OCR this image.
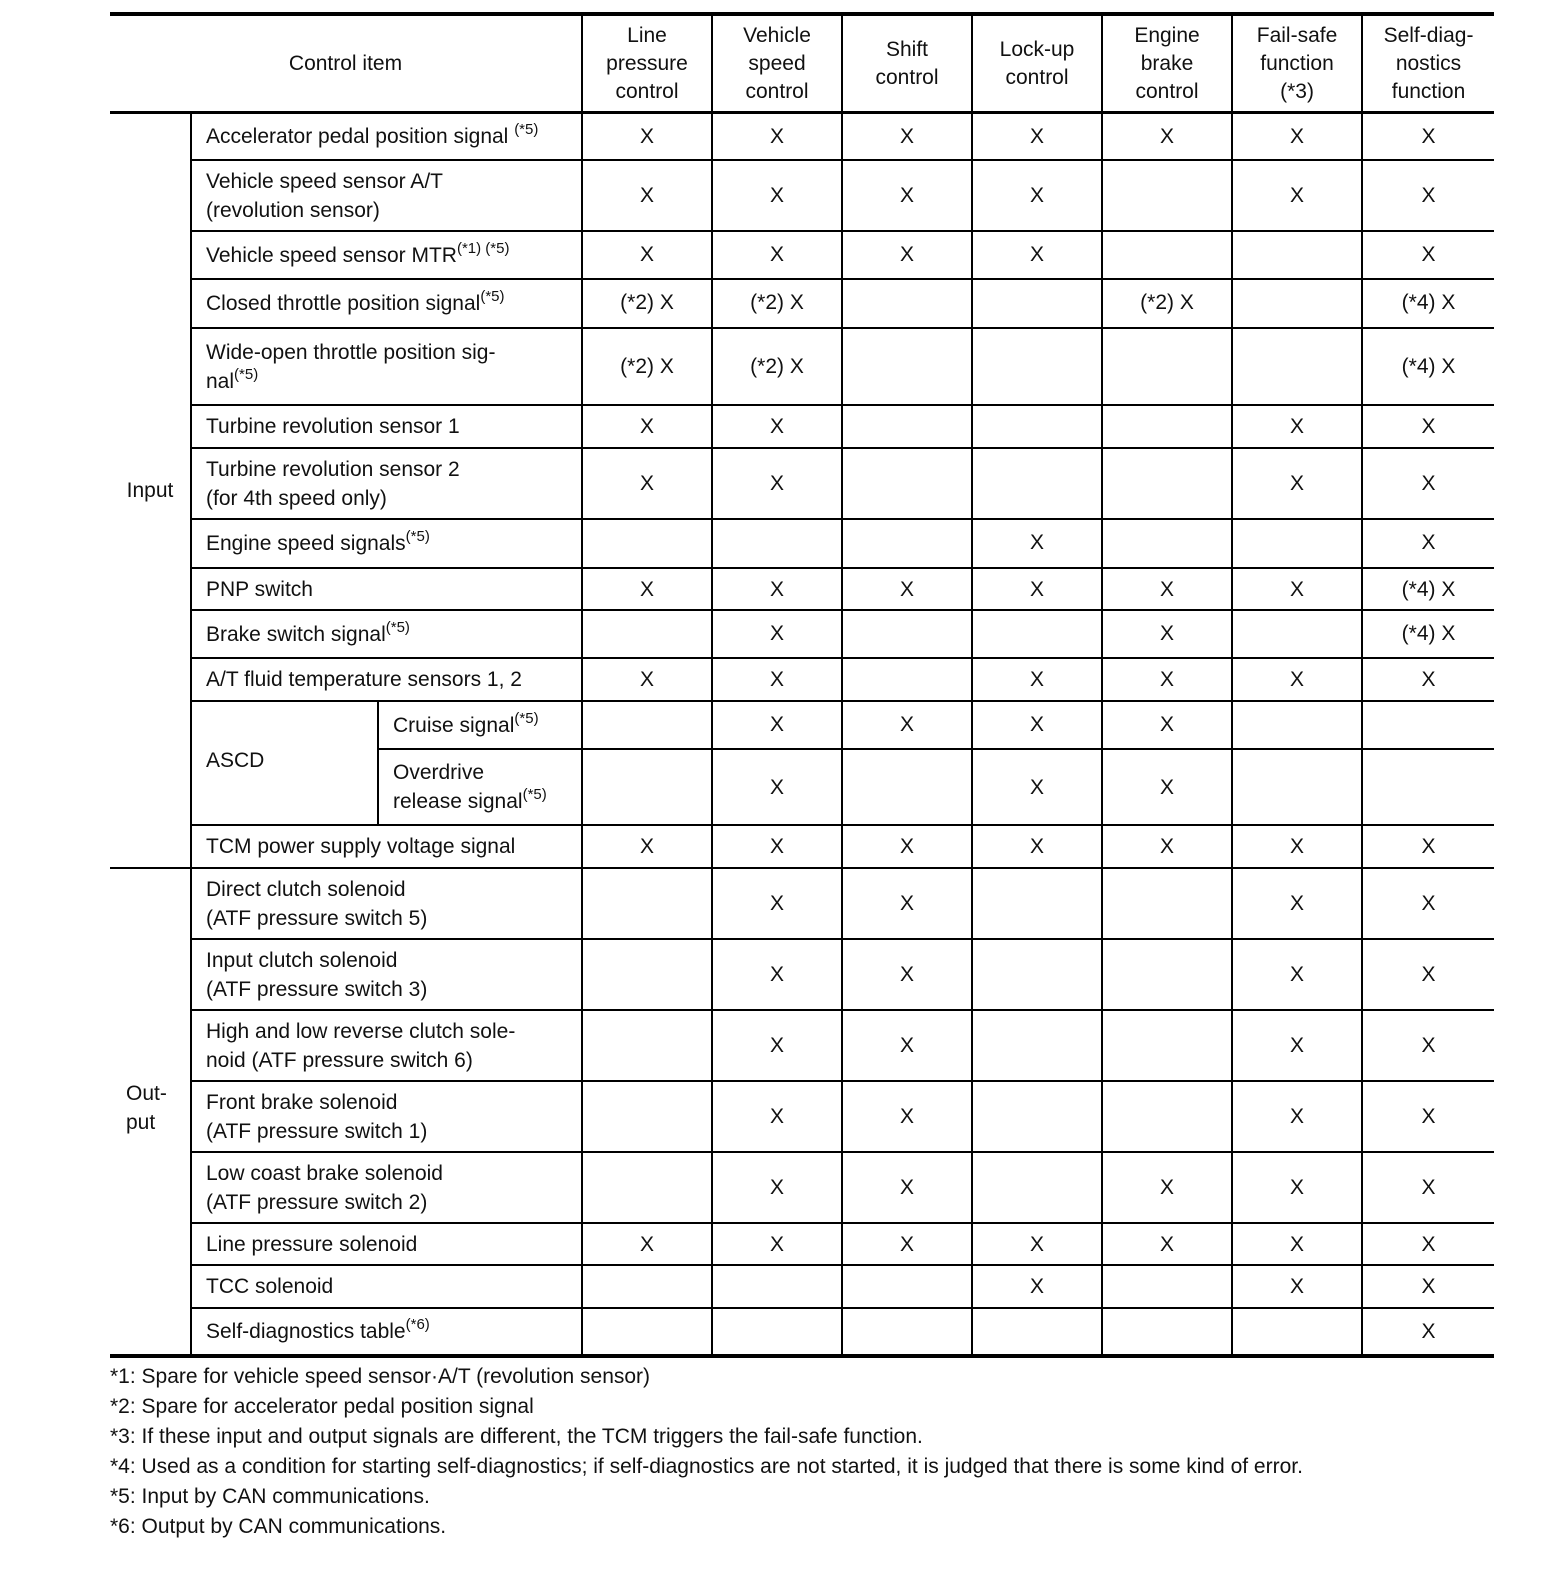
Control item			Line
pressure
control	Vehicle
speed
control	Shift
control	Lock-up
control	Engine
brake
control	Fail-safe
function
(*3)	Self-diag-
nostics
function
Input	Accelerator pedal position signal $^{(*5)}$		X	X	X	X	X	X	X
	Vehicle speed sensor A/T
(revolution sensor)		X	X	X	X		X	X
	Vehicle speed sensor MTR$^{(*1) (*5)}$		X	X	X	X			X
	Closed throttle position signal$^{(*5)}$		(*2) X	(*2) X			(*2) X		(*4) X
	Wide-open throttle position sig-
nal$^{(*5)}$		(*2) X	(*2) X					(*4) X
	Turbine revolution sensor 1		X	X				X	X
	Turbine revolution sensor 2
(for 4th speed only)		X	X				X	X
	Engine speed signals$^{(*5)}$					X			X
	PNP switch		X	X	X	X	X	X	(*4) X
	Brake switch signal$^{(*5)}$			X			X		(*4) X
	A/T fluid temperature sensors 1, 2		X	X		X	X	X	X
	ASCD	Cruise signal$^{(*5)}$		X	X	X	X		
		Overdrive
release signal$^{(*5)}$		X		X	X		
	TCM power supply voltage signal		X	X	X	X	X	X	X
Out-
put	Direct clutch solenoid
(ATF pressure switch 5)			X	X			X	X
	Input clutch solenoid
(ATF pressure switch 3)			X	X			X	X
	High and low reverse clutch sole-
noid (ATF pressure switch 6)			X	X			X	X
	Front brake solenoid
(ATF pressure switch 1)			X	X			X	X
	Low coast brake solenoid
(ATF pressure switch 2)			X	X		X	X	X
	Line pressure solenoid		X	X	X	X	X	X	X
	TCC solenoid					X		X	X
	Self-diagnostics table$^{(*6)}$								X
*1: Spare for vehicle speed sensor·A/T (revolution sensor)
*2: Spare for accelerator pedal position signal
*3: If these input and output signals are different, the TCM triggers the fail-safe function.
*4: Used as a condition for starting self-diagnostics; if self-diagnostics are not started, it is judged that there is some kind of error.
*5: Input by CAN communications.
*6: Output by CAN communications.
